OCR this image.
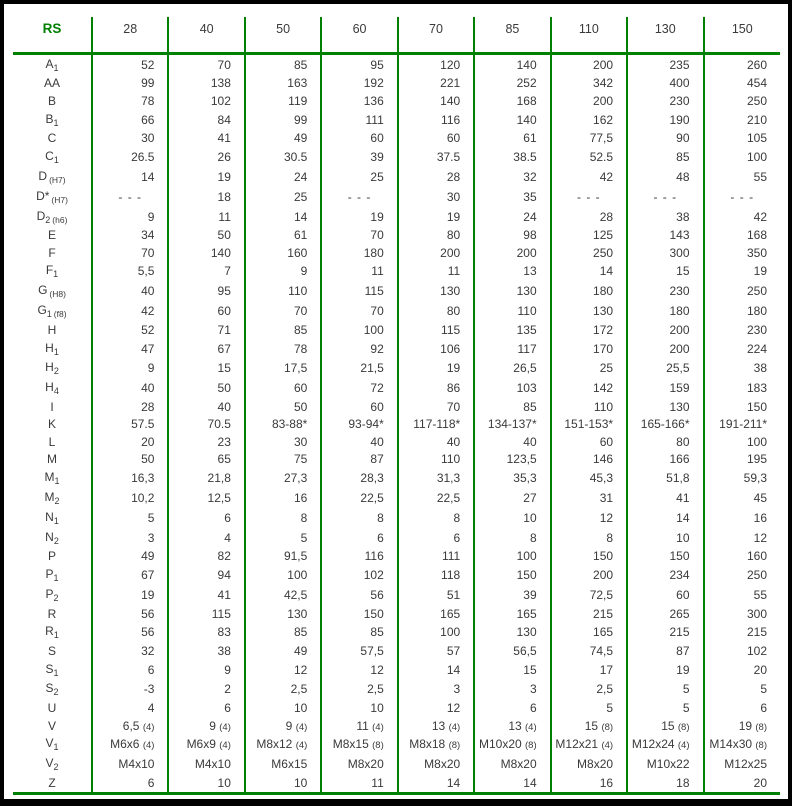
RS	28	40	50	60	70	85	110	130	150
$A_1$	52	70	85	95	120	140	200	235	260
AA	99	138	163	192	221	252	342	400	454
B	78	102	119	136	140	168	200	230	250
$B_1$	66	84	99	111	116	140	162	190	210
C	30	41	49	60	60	61	77,5	90	105
$C_1$	26.5	26	30.5	39	37.5	38.5	52.5	85	100
D $_{(H7)}$	14	19	24	25	28	32	42	48	55
D* $_{(H7)}$	- - -	18	25	- - -	30	35	- - -	- - -	- - -
$D_2$ $_{(h6)}$	9	11	14	19	19	24	28	38	42
E	34	50	61	70	80	98	125	143	168
F	70	140	160	180	200	200	250	300	350
$F_1$	5,5	7	9	11	11	13	14	15	19
G $_{(H8)}$	40	95	110	115	130	130	180	230	250
$G_1$ $_{(f8)}$	42	60	70	70	80	110	130	180	180
H	52	71	85	100	115	135	172	200	230
$H_1$	47	67	78	92	106	117	170	200	224
$H_2$	9	15	17,5	21,5	19	26,5	25	25,5	38
$H_4$	40	50	60	72	86	103	142	159	183
I	28	40	50	60	70	85	110	130	150
K	57.5	70.5	83-88*	93-94*	117-118*	134-137*	151-153*	165-166*	191-211*
L	20	23	30	40	40	40	60	80	100
M	50	65	75	87	110	123,5	146	166	195
$M_1$	16,3	21,8	27,3	28,3	31,3	35,3	45,3	51,8	59,3
$M_2$	10,2	12,5	16	22,5	22,5	27	31	41	45
$N_1$	5	6	8	8	8	10	12	14	16
$N_2$	3	4	5	6	6	8	8	10	12
P	49	82	91,5	116	111	100	150	150	160
$P_1$	67	94	100	102	118	150	200	234	250
$P_2$	19	41	42,5	56	51	39	72,5	60	55
R	56	115	130	150	165	165	215	265	300
$R_1$	56	83	85	85	100	130	165	215	215
S	32	38	49	57,5	57	56,5	74,5	87	102
$S_1$	6	9	12	12	14	15	17	19	20
$S_2$	-3	2	2,5	2,5	3	3	2,5	5	5
U	4	6	10	10	12	6	5	5	6
V	6,5 (4)	9 (4)	9 (4)	11 (4)	13 (4)	13 (4)	15 (8)	15 (8)	19 (8)
$V_1$	M6x6 (4)	M6x9 (4)	M8x12 (4)	M8x15 (8)	M8x18 (8)	M10x20 (8)	M12x21 (4)	M12x24 (4)	M14x30 (8)
$V_2$	M4x10	M4x10	M6x15	M8x20	M8x20	M8x20	M8x20	M10x22	M12x25
Z	6	10	10	11	14	14	16	18	20
